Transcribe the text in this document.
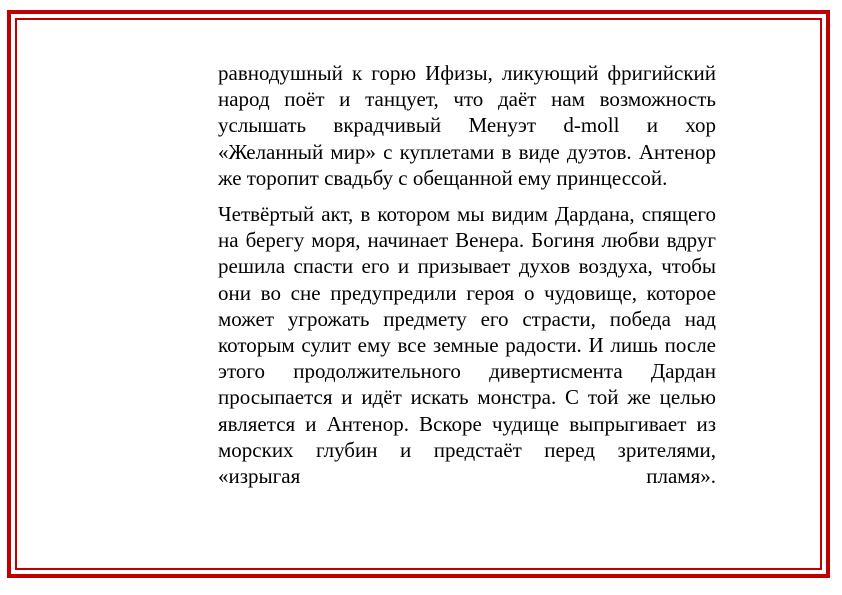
равнодушный к горю Ифизы, ликующий фригийский народ поёт и танцует, что даёт нам возможность услышать вкрадчивый Менуэт d-moll и хор «Желанный мир» с куплетами в виде дуэтов. Антенор же торопит свадьбу с обещанной ему принцессой.

Четвёртый акт, в котором мы видим Дардана, спящего на берегу моря, начинает Венера. Богиня любви вдруг решила спасти его и призывает духов воздуха, чтобы они во сне предупредили героя о чудовище, которое может угрожать предмету его страсти, победа над которым сулит ему все земные радости. И лишь после этого продолжительного дивертисмента Дардан просыпается и идёт искать монстра. С той же целью является и Антенор. Вскоре чудище выпрыгивает из морских глубин и предстаёт перед зрителями, «изрыгая пламя».
